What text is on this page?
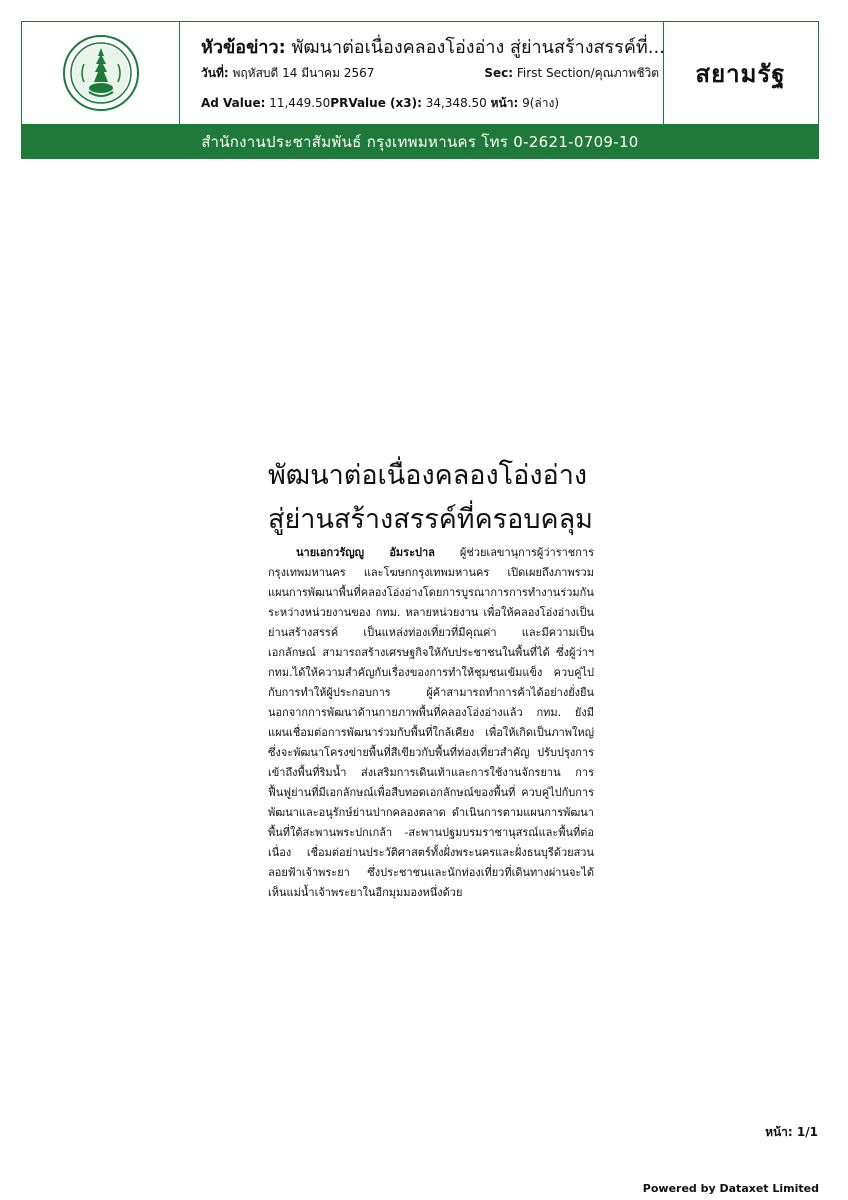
หัวข้อข่าว: พัฒนาต่อเนื่องคลองโอ่งอ่าง สู่ย่านสร้างสรรค์ที่...
วันที่: พฤหัสบดี 14 มีนาคม 2567	Sec: First Section/คุณภาพชีวิต
Ad Value: 11,449.50PRValue (x3): 34,348.50 หน้า: 9(ล่าง)
สยามรัฐ
สำนักงานประชาสัมพันธ์ กรุงเทพมหานคร โทร 0-2621-0709-10
พัฒนาต่อเนื่องคลองโอ่งอ่าง
สู่ย่านสร้างสรรค์ที่ครอบคลุม

นายเอกวรัญญู อัมระปาล ผู้ช่วยเลขานุการผู้ว่าราชการกรุงเทพมหานคร และโฆษกกรุงเทพมหานคร เปิดเผยถึงภาพรวมแผนการพัฒนาพื้นที่คลองโอ่งอ่างโดยการบูรณาการการทำงานร่วมกันระหว่างหน่วยงานของ กทม. หลายหน่วยงาน เพื่อให้คลองโอ่งอ่างเป็นย่านสร้างสรรค์ เป็นแหล่งท่องเที่ยวที่มีคุณค่า และมีความเป็นเอกลักษณ์ สามารถสร้างเศรษฐกิจให้กับประชาชนในพื้นที่ได้ ซึ่งผู้ว่าฯกทม.ได้ให้ความสำคัญกับเรื่องของการทำให้ชุมชนเข้มแข็ง ควบคู่ไปกับการทำให้ผู้ประกอบการ ผู้ค้าสามารถทำการค้าได้อย่างยั่งยืน นอกจากการพัฒนาด้านกายภาพพื้นที่คลองโอ่งอ่างแล้ว กทม. ยังมีแผนเชื่อมต่อการพัฒนาร่วมกับพื้นที่ใกล้เคียง เพื่อให้เกิดเป็นภาพใหญ่ ซึ่งจะพัฒนาโครงข่ายพื้นที่สีเขียวกับพื้นที่ท่องเที่ยวสำคัญ ปรับปรุงการเข้าถึงพื้นที่ริมน้ำ ส่งเสริมการเดินเท้าและการใช้งานจักรยาน การฟื้นฟูย่านที่มีเอกลักษณ์เพื่อสืบทอดเอกลักษณ์ของพื้นที่ ควบคู่ไปกับการพัฒนาและอนุรักษ์ย่านปากคลองตลาด ดำเนินการตามแผนการพัฒนาพื้นที่ใต้สะพานพระปกเกล้า -สะพานปฐมบรมราชานุสรณ์และพื้นที่ต่อเนื่อง เชื่อมต่อย่านประวัติศาสตร์ทั้งฝั่งพระนครและฝั่งธนบุรีด้วยสวนลอยฟ้าเจ้าพระยา ซึ่งประชาชนและนักท่องเที่ยวที่เดินทางผ่านจะได้เห็นแม่น้ำเจ้าพระยาในอีกมุมมองหนึ่งด้วย

หน้า: 1/1
Powered by Dataxet Limited
